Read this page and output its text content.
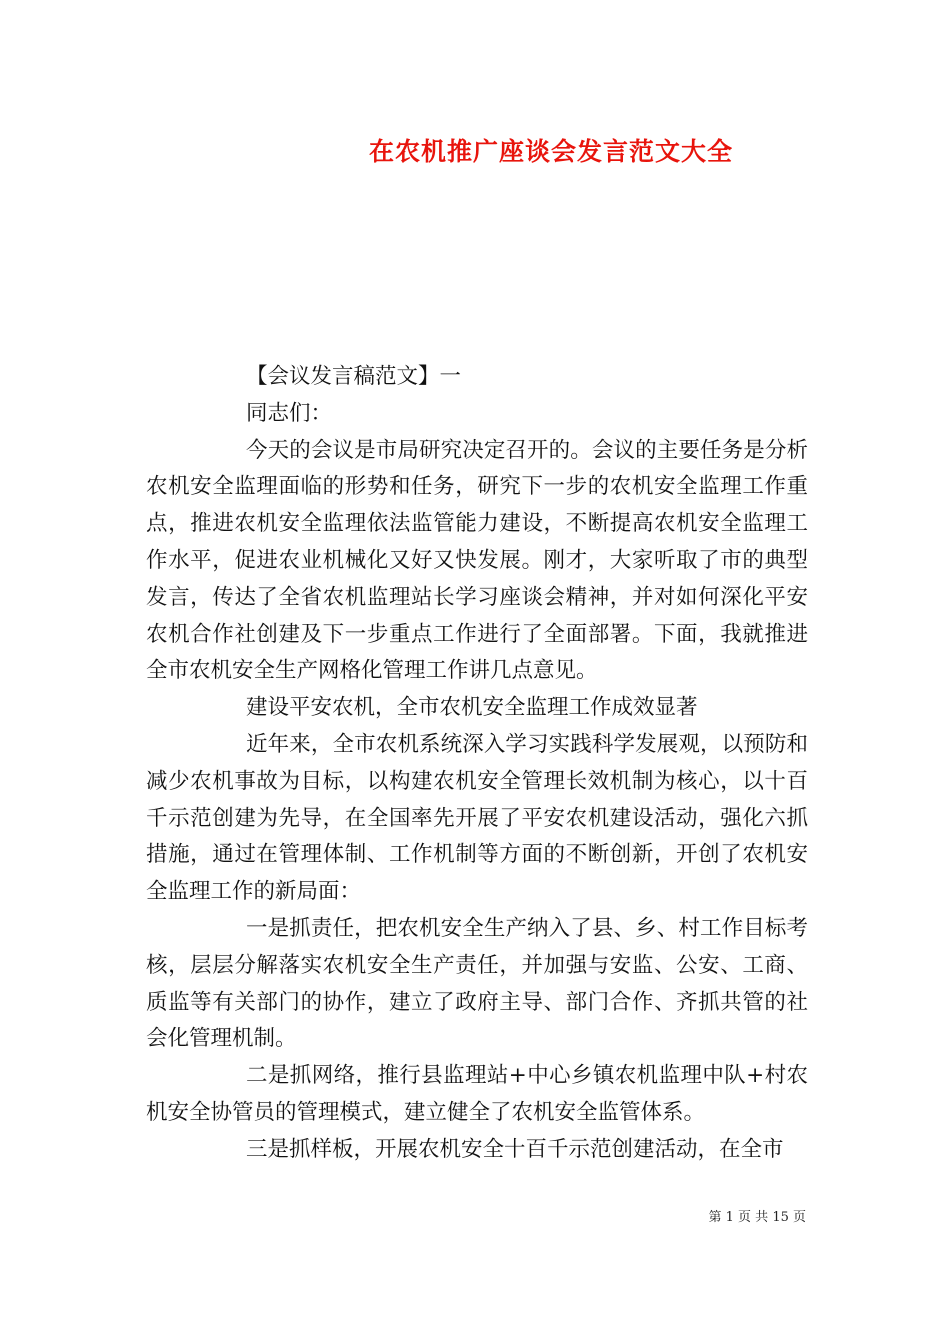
在农机推广座谈会发言范文大全

【会议发言稿范文】一

同志们：

今天的会议是市局研究决定召开的。会议的主要任务是分析农机安全监理面临的形势和任务，研究下一步的农机安全监理工作重点，推进农机安全监理依法监管能力建设，不断提高农机安全监理工作水平，促进农业机械化又好又快发展。刚才，大家听取了市的典型发言，传达了全省农机监理站长学习座谈会精神，并对如何深化平安农机合作社创建及下一步重点工作进行了全面部署。下面，我就推进全市农机安全生产网格化管理工作讲几点意见。

建设平安农机，全市农机安全监理工作成效显著

近年来，全市农机系统深入学习实践科学发展观，以预防和减少农机事故为目标，以构建农机安全管理长效机制为核心，以十百千示范创建为先导，在全国率先开展了平安农机建设活动，强化六抓措施，通过在管理体制、工作机制等方面的不断创新，开创了农机安全监理工作的新局面：

一是抓责任，把农机安全生产纳入了县、乡、村工作目标考核，层层分解落实农机安全生产责任，并加强与安监、公安、工商、质监等有关部门的协作，建立了政府主导、部门合作、齐抓共管的社会化管理机制。

二是抓网络，推行县监理站+中心乡镇农机监理中队+村农机安全协管员的管理模式，建立健全了农机安全监管体系。

三是抓样板，开展农机安全十百千示范创建活动，在全市

第 1 页 共 15 页
